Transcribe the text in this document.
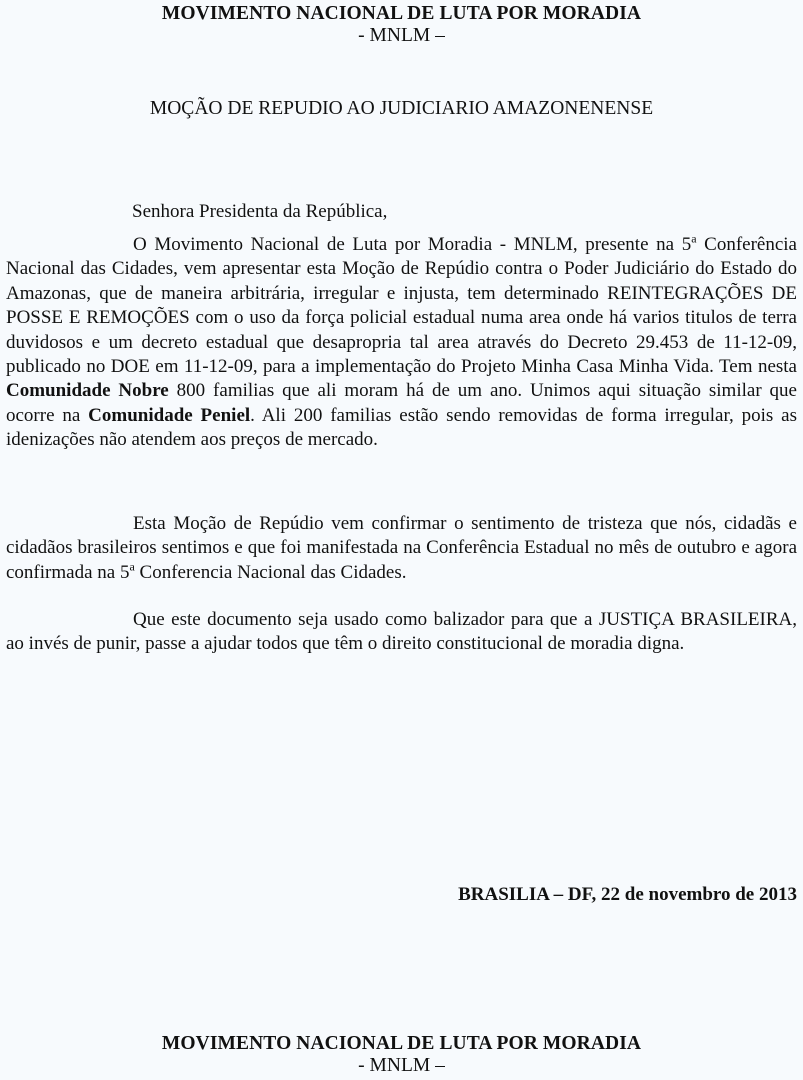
MOVIMENTO NACIONAL DE LUTA POR MORADIA
- MNLM –
MOÇÃO DE REPUDIO AO JUDICIARIO AMAZONENENSE
Senhora Presidenta da República,

O Movimento Nacional de Luta por Moradia - MNLM, presente na 5$^a$ Conferência Nacional das Cidades, vem apresentar esta Moção de Repúdio contra o Poder Judiciário do Estado do Amazonas, que de maneira arbitrária, irregular e injusta, tem determinado REINTEGRAÇÕES DE POSSE E REMOÇÕES com o uso da força policial estadual numa area onde há varios titulos de terra duvidosos e um decreto estadual que desapropria tal area através do Decreto 29.453 de 11-12-09, publicado no DOE em 11-12-09, para a implementação do Projeto Minha Casa Minha Vida. Tem nesta Comunidade Nobre 800 familias que ali moram há de um ano. Unimos aqui situação similar que ocorre na Comunidade Peniel. Ali 200 familias estão sendo removidas de forma irregular, pois as idenizações não atendem aos preços de mercado.

Esta Moção de Repúdio vem confirmar o sentimento de tristeza que nós, cidadãs e cidadãos brasileiros sentimos e que foi manifestada na Conferência Estadual no mês de outubro e agora confirmada na 5$^a$ Conferencia Nacional das Cidades.

Que este documento seja usado como balizador para que a JUSTIÇA BRASILEIRA, ao invés de punir, passe a ajudar todos que têm o direito constitucional de moradia digna.

BRASILIA – DF, 22 de novembro de 2013
MOVIMENTO NACIONAL DE LUTA POR MORADIA
- MNLM –
